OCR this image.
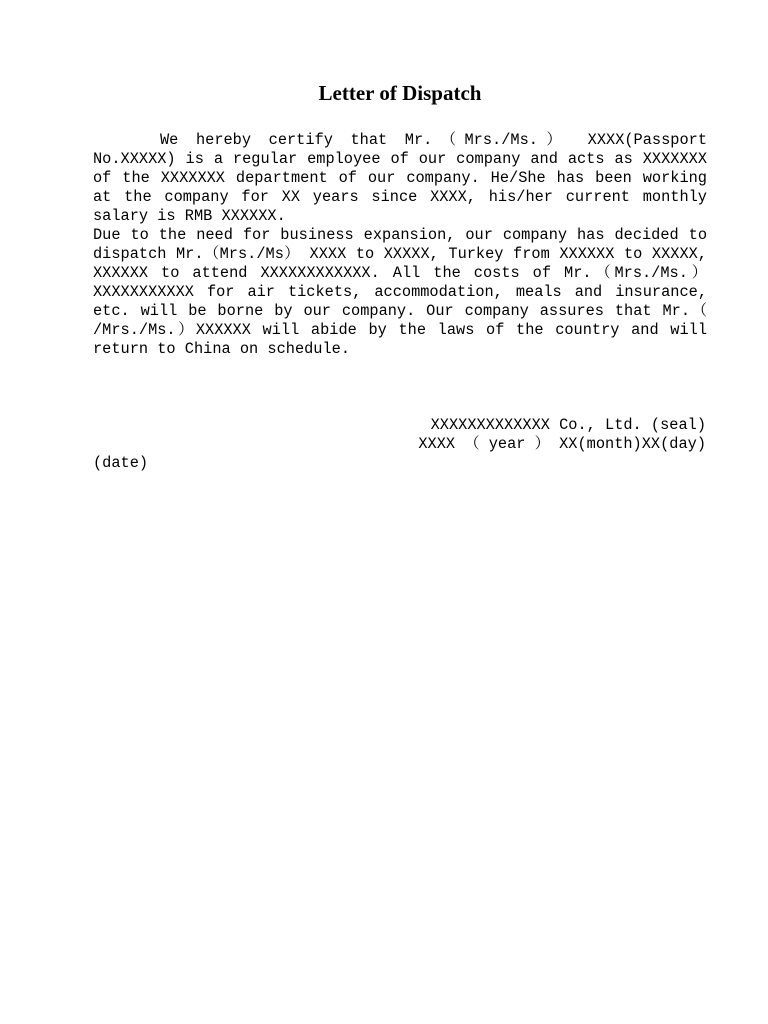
Letter of Dispatch

We hereby certify that Mr.（Mrs./Ms.） XXXX(Passport No.XXXXX) is a regular employee of our company and acts as XXXXXXX of the XXXXXXX department of our company. He/She has been working at the company for XX years since XXXX, his/her current monthly salary is RMB XXXXXX.

Due to the need for business expansion, our company has decided to dispatch Mr.（Mrs./Ms） XXXX to XXXXX, Turkey from XXXXXX to XXXXX, XXXXXX to attend XXXXXXXXXXXX. All the costs of Mr.（Mrs./Ms.） XXXXXXXXXXX for air tickets, accommodation, meals and insurance, etc. will be borne by our company. Our company assures that Mr.（ /Mrs./Ms.）XXXXXX will abide by the laws of the country and will return to China on schedule.

XXXXXXXXXXXXX Co., Ltd. (seal)
XXXX （ year ） XX(month)XX(day)
(date)
